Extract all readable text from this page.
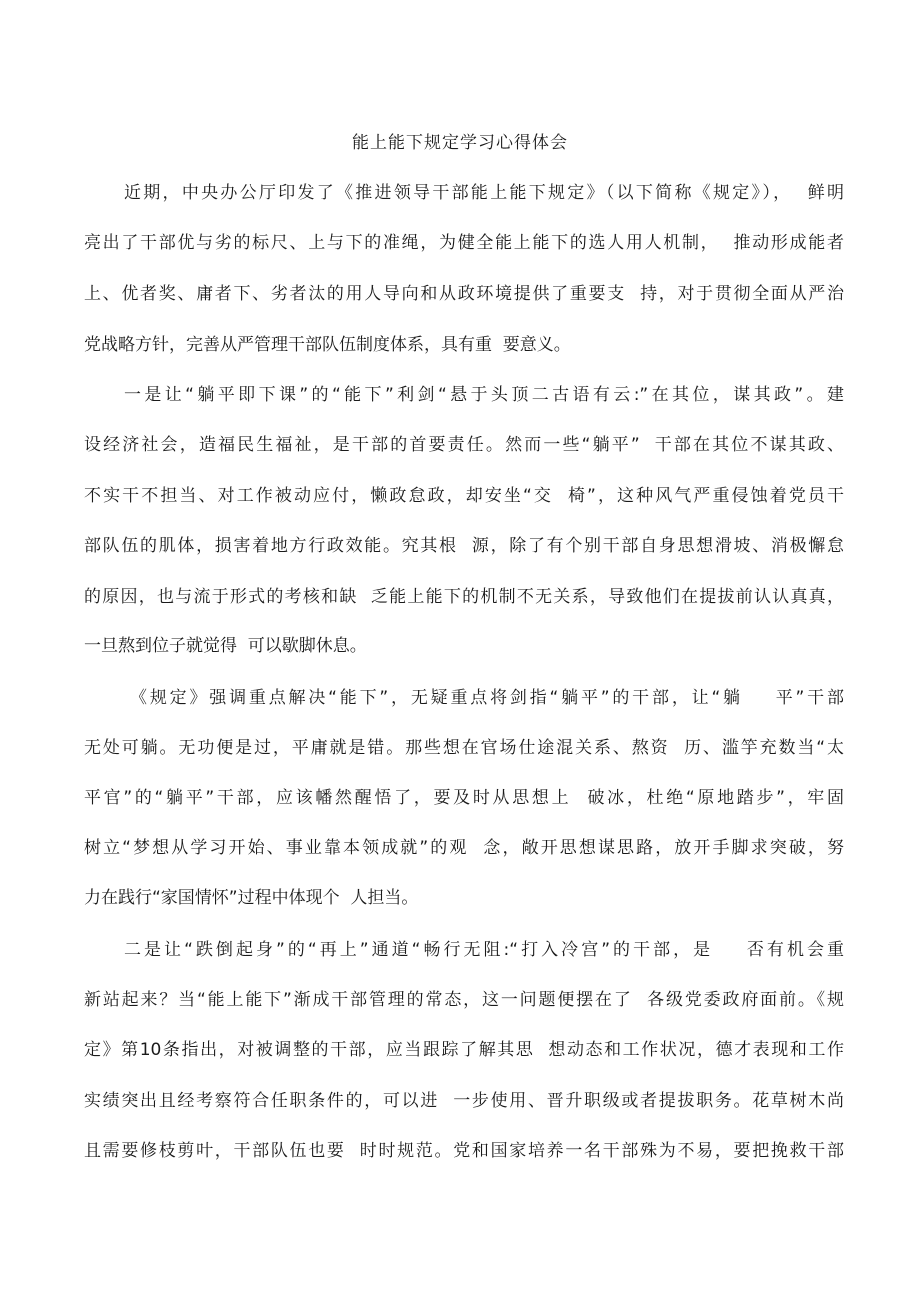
能上能下规定学习心得体会
近期，中央办公厅印发了《推进领导干部能上能下规定》（以下简称《规定》），  鲜明
亮出了干部优与劣的标尺、上与下的准绳，为健全能上能下的选人用人机制，  推动形成能者
上、优者奖、庸者下、劣者汰的用人导向和从政环境提供了重要支  持，对于贯彻全面从严治
党战略方针，完善从严管理干部队伍制度体系，具有重  要意义。
一是让“躺平即下课”的“能下”利剑“悬于头顶二古语有云:”在其位，谋其政”。建
设经济社会，造福民生福祉，是干部的首要责任。然而一些“躺平”  干部在其位不谋其政、
不实干不担当、对工作被动应付，懒政怠政，却安坐“交  椅”，这种风气严重侵蚀着党员干
部队伍的肌体，损害着地方行政效能。究其根  源，除了有个别干部自身思想滑坡、消极懈怠
的原因，也与流于形式的考核和缺  乏能上能下的机制不无关系，导致他们在提拔前认认真真，
一旦熬到位子就觉得  可以歇脚休息。
《规定》强调重点解决“能下”，无疑重点将剑指“躺平”的干部，让“躺    平”干部
无处可躺。无功便是过，平庸就是错。那些想在官场仕途混关系、熬资  历、滥竽充数当“太
平官”的“躺平”干部，应该幡然醒悟了，要及时从思想上  破冰，杜绝“原地踏步”，牢固
树立“梦想从学习开始、事业靠本领成就”的观  念，敞开思想谋思路，放开手脚求突破，努
力在践行“家国情怀”过程中体现个  人担当。
二是让“跌倒起身”的“再上”通道“畅行无阻:“打入冷宫”的干部，是    否有机会重
新站起来？当“能上能下”渐成干部管理的常态，这一问题便摆在了  各级党委政府面前。《规
定》第10条指出，对被调整的干部，应当跟踪了解其思  想动态和工作状况，德才表现和工作
实绩突出且经考察符合任职条件的，可以进  一步使用、晋升职级或者提拔职务。花草树木尚
且需要修枝剪叶，干部队伍也要  时时规范。党和国家培养一名干部殊为不易，要把挽救干部
